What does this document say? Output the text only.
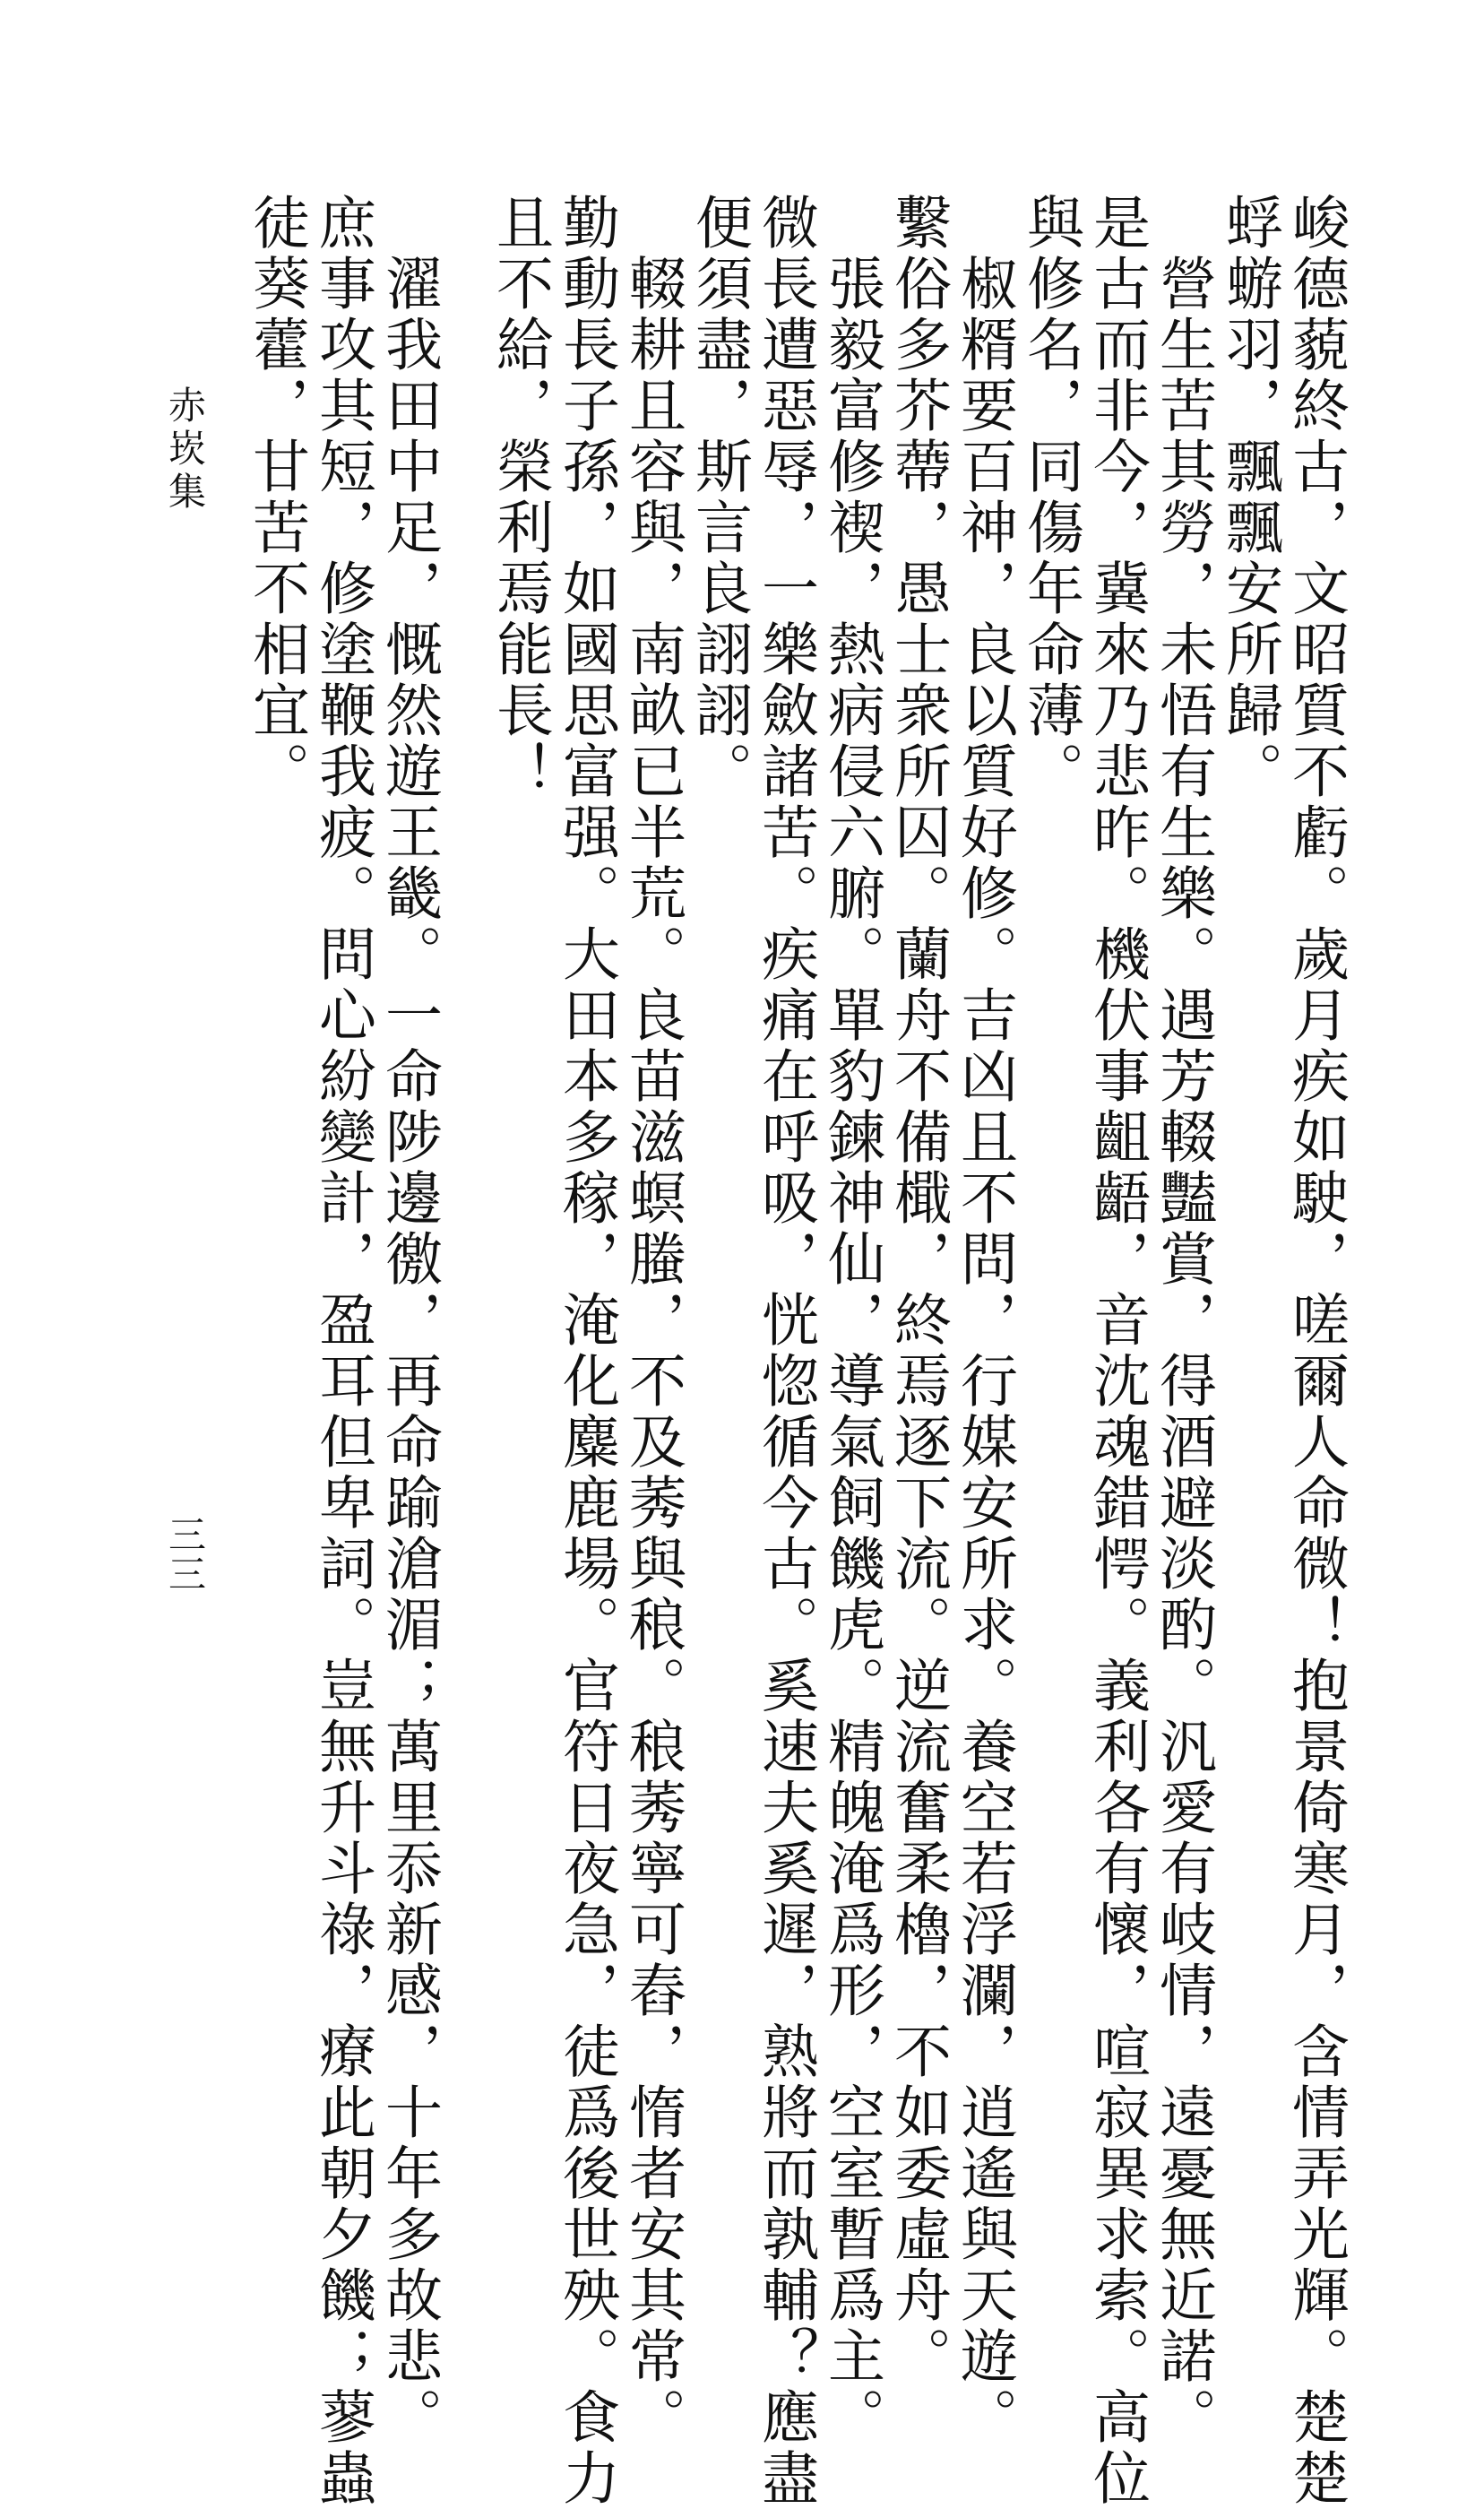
峻德藐終古，文昭質不虧。歲月疾如駛，嗟爾人命微！抱景倚寒月，含情弄光輝。楚楚
蜉蝣羽，飄飄安所歸。
　營生苦其勞，未悟有生樂。遇芳輟豔賞，得酒避淡酌。汎愛有岐情，遠憂無近諾。
是古而非今，冀來乃悲昨。機伏事齟齬，音沈魂錯愕。義利各有懷，喧寂異求索。高位
與修名，同傷年命薄。
　椒糈要百神，良以質好修。吉凶且不問，行媒安所求。養空若浮瀾，逍遙與天遊。
繫俗多芥蔕，愚士衆所囚。蘭舟不備檝，終焉逐下流。逆流奮柔櫓，不如委虛舟。
　張毅富修褉，熱病侵六腑。單豹鍊神仙，導氣飼饑虎。精魄淹爲形，空室暫爲主。
微長遭惡辱，一樂斂諸苦。疾痛在呼吸，恍惚循今古。奚速夫奚遲，熟將而孰輔？應盡
便須盡，斯言良詡詡。
　輟耕且容與，南畝已半荒。良苗滋螟螣，不及莠與稂。稂莠寧可舂，惰者安其常。
勤動長子孫，如國思富强。大田本多稼，淹化麋鹿場。官符日夜急，徒爲後世殃。食力
且不給，榮利焉能長！
　濯我田中足，慨然遊王畿。一命陟邊徼，再命踰滄湄；萬里忝新感，十年多故悲。
庶事攻其短，修塗鞭我疲。問心紛變計，盈耳但卑詞。豈無升斗祿，療此朝夕饑；蓼蟲
徒葵藿，甘苦不相宜。
赤崁集
三三
